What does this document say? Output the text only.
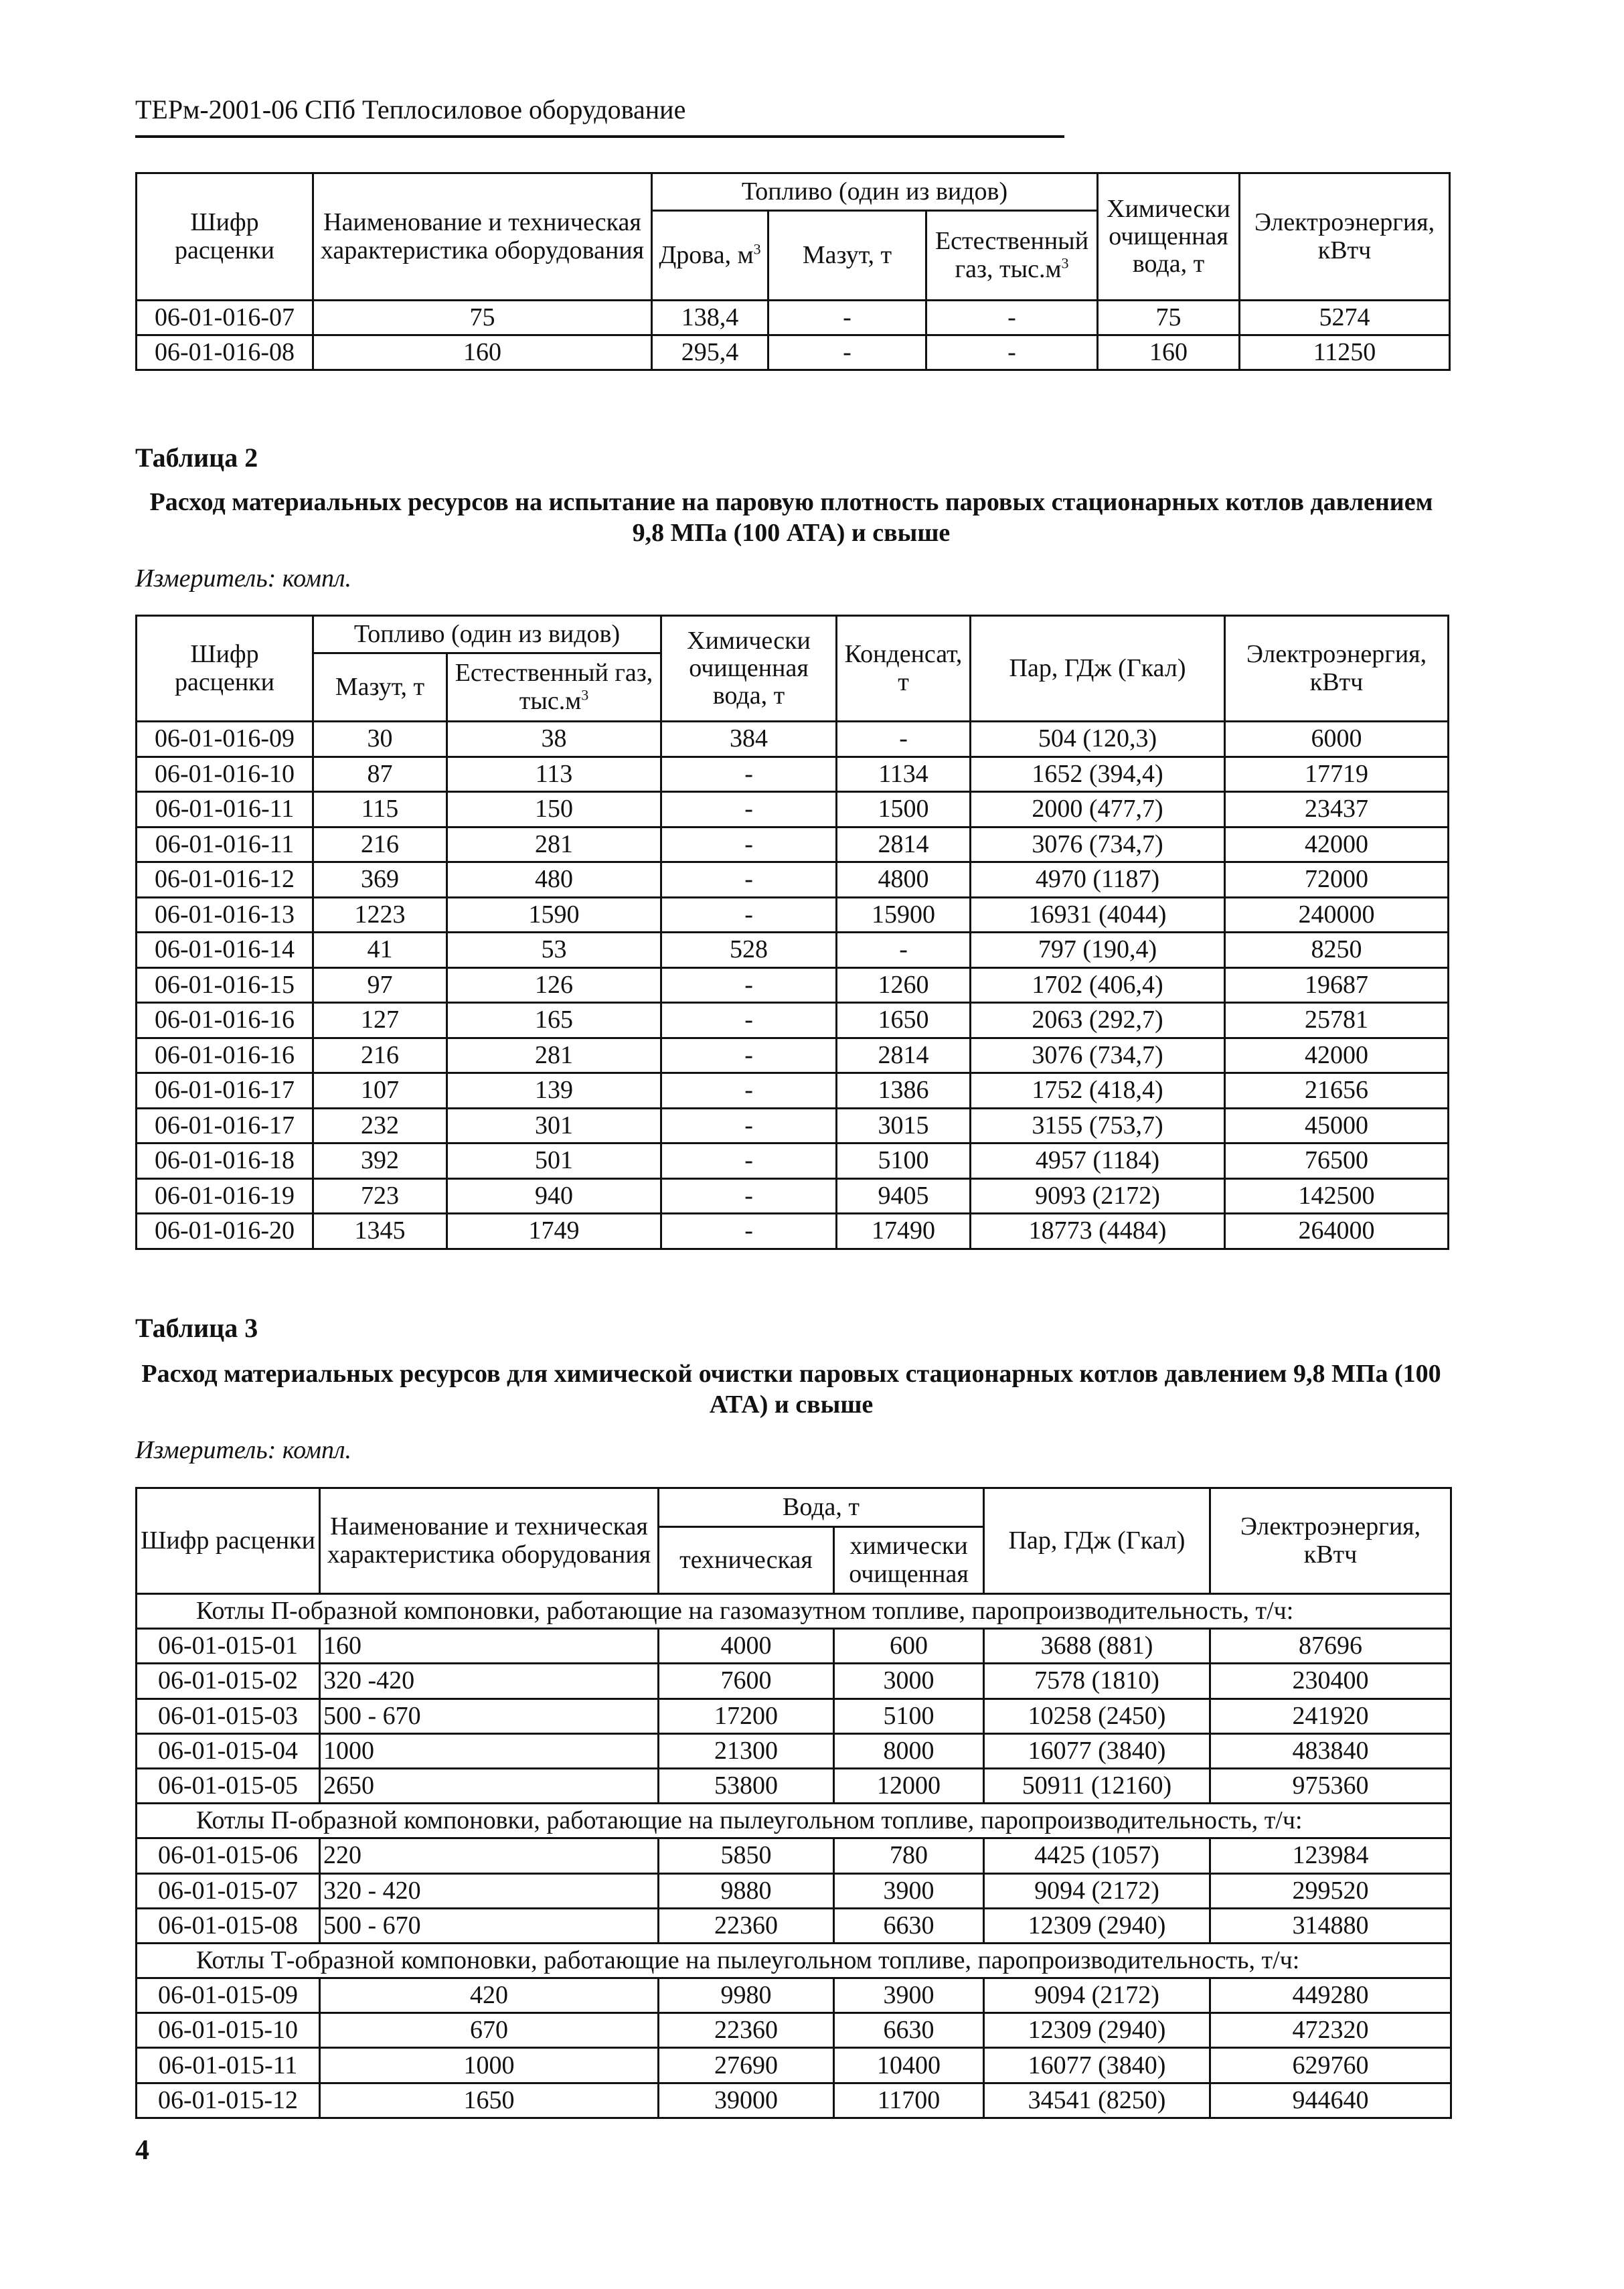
ТЕРм-2001-06 СПб Теплосиловое оборудование
Шифр расценки	Наименование и техническая характеристика оборудования	Топливо (один из видов)			Химически очищенная вода, т	Электроэнергия, кВтч
		Дрова, $м^3$	Мазут, т	Естественный газ, $тыс.м^3$
06-01-016-07	75	138,4	-	-	75	5274
06-01-016-08	160	295,4	-	-	160	11250
Таблица 2
Расход материальных ресурсов на испытание на паровую плотность паровых стационарных котлов давлением 9,8 МПа (100 АТА) и свыше
Измеритель: компл.
Шифр расценки	Топливо (один из видов)		Химически очищенная вода, т	Конденсат, т	Пар, ГДж (Гкал)	Электроэнергия, кВтч
	Мазут, т	Естественный газ, $тыс.м^3$
06-01-016-09	30	38	384	-	504 (120,3)	6000
06-01-016-10	87	113	-	1134	1652 (394,4)	17719
06-01-016-11	115	150	-	1500	2000 (477,7)	23437
06-01-016-11	216	281	-	2814	3076 (734,7)	42000
06-01-016-12	369	480	-	4800	4970 (1187)	72000
06-01-016-13	1223	1590	-	15900	16931 (4044)	240000
06-01-016-14	41	53	528	-	797 (190,4)	8250
06-01-016-15	97	126	-	1260	1702 (406,4)	19687
06-01-016-16	127	165	-	1650	2063 (292,7)	25781
06-01-016-16	216	281	-	2814	3076 (734,7)	42000
06-01-016-17	107	139	-	1386	1752 (418,4)	21656
06-01-016-17	232	301	-	3015	3155 (753,7)	45000
06-01-016-18	392	501	-	5100	4957 (1184)	76500
06-01-016-19	723	940	-	9405	9093 (2172)	142500
06-01-016-20	1345	1749	-	17490	18773 (4484)	264000
Таблица 3
Расход материальных ресурсов для химической очистки паровых стационарных котлов давлением 9,8 МПа (100 АТА) и свыше
Измеритель: компл.
Шифр расценки	Наименование и техническая характеристика оборудования	Вода, т		Пар, ГДж (Гкал)	Электроэнергия, кВтч
		техническая	химически очищенная		
Котлы П-образной компоновки, работающие на газомазутном топливе, паропроизводительность, т/ч:					
06-01-015-01	160	4000	600	3688 (881)	87696
06-01-015-02	320 -420	7600	3000	7578 (1810)	230400
06-01-015-03	500 - 670	17200	5100	10258 (2450)	241920
06-01-015-04	1000	21300	8000	16077 (3840)	483840
06-01-015-05	2650	53800	12000	50911 (12160)	975360
Котлы П-образной компоновки, работающие на пылеугольном топливе, паропроизводительность, т/ч:					
06-01-015-06	220	5850	780	4425 (1057)	123984
06-01-015-07	320 - 420	9880	3900	9094 (2172)	299520
06-01-015-08	500 - 670	22360	6630	12309 (2940)	314880
Котлы Т-образной компоновки, работающие на пылеугольном топливе, паропроизводительность, т/ч:					
06-01-015-09	420	9980	3900	9094 (2172)	449280
06-01-015-10	670	22360	6630	12309 (2940)	472320
06-01-015-11	1000	27690	10400	16077 (3840)	629760
06-01-015-12	1650	39000	11700	34541 (8250)	944640
4
